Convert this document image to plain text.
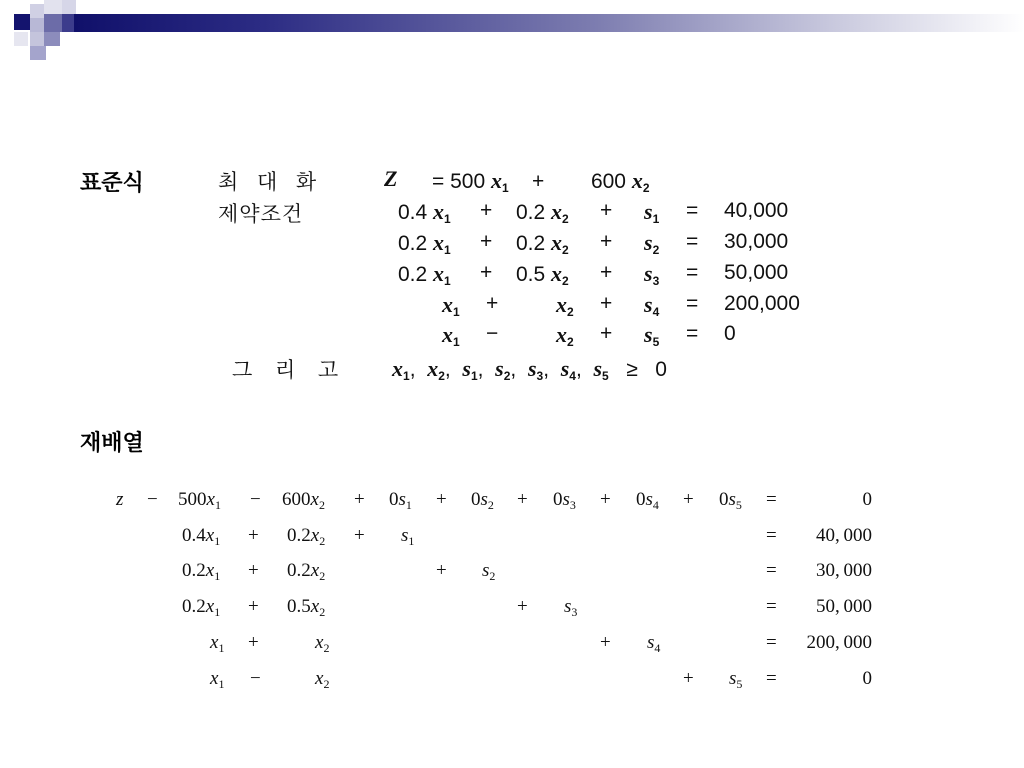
표준식
재배열
최 대 화
제약조건
그 리 고
Z = 500 $x_1$    +        600 $x_2$
0.4 $x_1 + 0.2$ $x_2 + s_1 = 40,000$
0.2 $x_1 + 0.2$ $x_2 + s_2 = 30,000$
0.2 $x_1 + 0.5$ $x_2 + s_3 = 50,000$
$x_1$ +	$x_2 + s_4 = 200,000$
$x_1$ −	$x_2 + s_5 = 0$
$x_1$,  $x_2$,  $s_1$,  $s_2$,  $s_3$,  $s_4$,  $s_5 \ge 0$
$z - 500x_1 - 600x_2 + 0s_1 + 0s_2 + 0s_3 + 0s_4 + 0s_5$ =	0
$0.4x_1 + 0.2x_2 + s_1$	=	40, 000
$0.2x_1 + 0.2x_2$	+ $s_2$	=	30, 000
$0.2x_1 + 0.5x_2$	+ $s_3$	=	50, 000
$x_1$ +	$x_2$	+ $s_4$	=	200, 000
$x_1$ −	$x_2$	+ $s_5$ =	0
